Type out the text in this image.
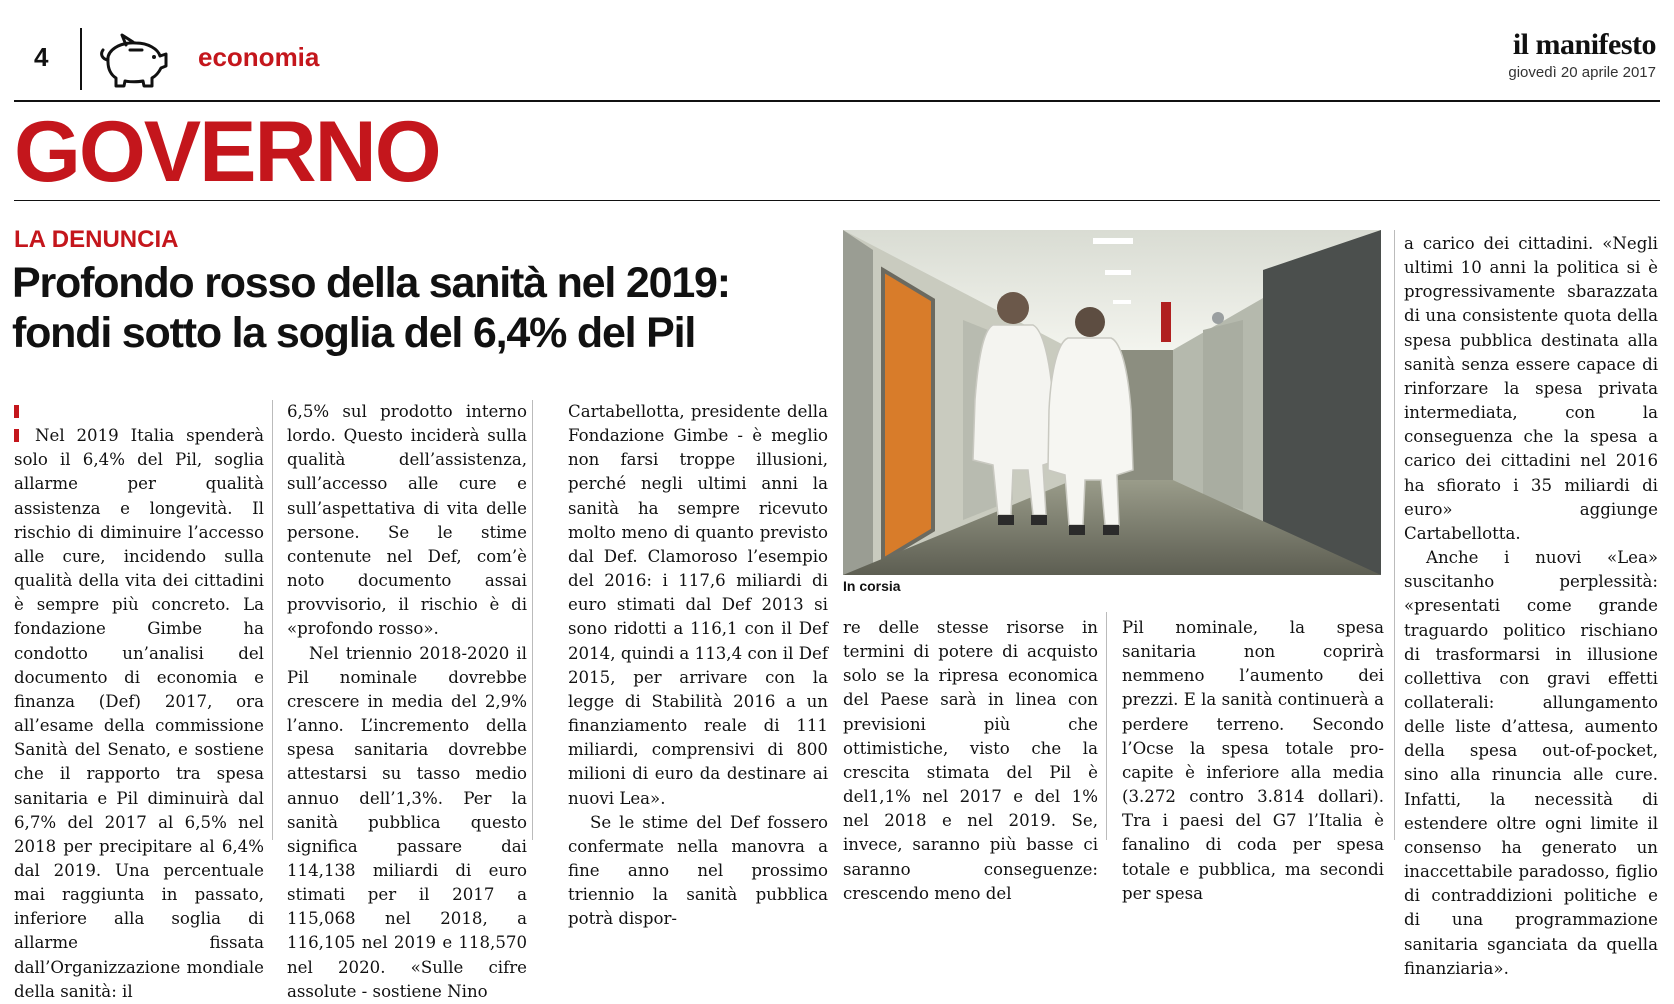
4	economia	il manifesto
giovedì 20 aprile 2017
GOVERNO
LA DENUNCIA
Profondo rosso della sanità nel 2019:
fondi sotto la soglia del 6,4% del Pil
In corsia

Nel 2019 Italia spenderà solo il 6,4% del Pil, soglia allarme per qualità assistenza e longevità. Il rischio di diminuire l’accesso alle cure, incidendo sulla qualità della vita dei cittadini è sempre più concreto. La fondazione Gimbe ha condotto un’analisi del documento di economia e finanza (Def) 2017, ora all’esame della commissione Sanità del Senato, e sostiene che il rapporto tra spesa sanitaria e Pil diminuirà dal 6,7% del 2017 al 6,5% nel 2018 per precipitare al 6,4% dal 2019. Una percentuale mai raggiunta in passato, inferiore alla soglia di allarme fissata dall’Organizzazione mondiale della sanità: il

6,5% sul prodotto interno lordo. Questo inciderà sulla qualità dell’assistenza, sull’accesso alle cure e sull’aspettativa di vita delle persone. Se le stime contenute nel Def, com’è noto documento assai provvisorio, il rischio è di «profondo rosso».

Nel triennio 2018-2020 il Pil nominale dovrebbe crescere in media del 2,9% l’anno. L’incremento della spesa sanitaria dovrebbe attestarsi su tasso medio annuo dell’1,3%. Per la sanità pubblica questo significa passare dai 114,138 miliardi di euro stimati per il 2017 a 115,068 nel 2018, a 116,105 nel 2019 e 118,570 nel 2020. «Sulle cifre assolute - sostiene Nino

Cartabellotta, presidente della Fondazione Gimbe - è meglio non farsi troppe illusioni, perché negli ultimi anni la sanità ha sempre ricevuto molto meno di quanto previsto dal Def. Clamoroso l’esempio del 2016: i 117,6 miliardi di euro stimati dal Def 2013 si sono ridotti a 116,1 con il Def 2014, quindi a 113,4 con il Def 2015, per arrivare con la legge di Stabilità 2016 a un finanziamento reale di 111 miliardi, comprensivi di 800 milioni di euro da destinare ai nuovi Lea».

Se le stime del Def fossero confermate nella manovra a fine anno nel prossimo triennio la sanità pubblica potrà dispor-

re delle stesse risorse in termini di potere di acquisto solo se la ripresa economica del Paese sarà in linea con previsioni più che ottimistiche, visto che la crescita stimata del Pil è del1,1% nel 2017 e del 1% nel 2018 e nel 2019. Se, invece, saranno più basse ci saranno conseguenze: crescendo meno del

Pil nominale, la spesa sanitaria non coprirà nemmeno l’aumento dei prezzi. E la sanità continuerà a perdere terreno. Secondo l’Ocse la spesa totale pro-capite è inferiore alla media (3.272 contro 3.814 dollari). Tra i paesi del G7 l’Italia è fanalino di coda per spesa totale e pubblica, ma secondi per spesa

a carico dei cittadini. «Negli ultimi 10 anni la politica si è progressivamente sbarazzata di una consistente quota della spesa pubblica destinata alla sanità senza essere capace di rinforzare la spesa privata intermediata, con la conseguenza che la spesa a carico dei cittadini nel 2016 ha sfiorato i 35 miliardi di euro» aggiunge Cartabellotta.

Anche i nuovi «Lea» suscitanho perplessità: «presentati come grande traguardo politico rischiano di trasformarsi in illusione collettiva con gravi effetti collaterali: allungamento delle liste d’attesa, aumento della spesa out-of-pocket, sino alla rinuncia alle cure. Infatti, la necessità di estendere oltre ogni limite il consenso ha generato un inaccettabile paradosso, figlio di contraddizioni politiche e di una programmazione sanitaria sganciata da quella finanziaria».
